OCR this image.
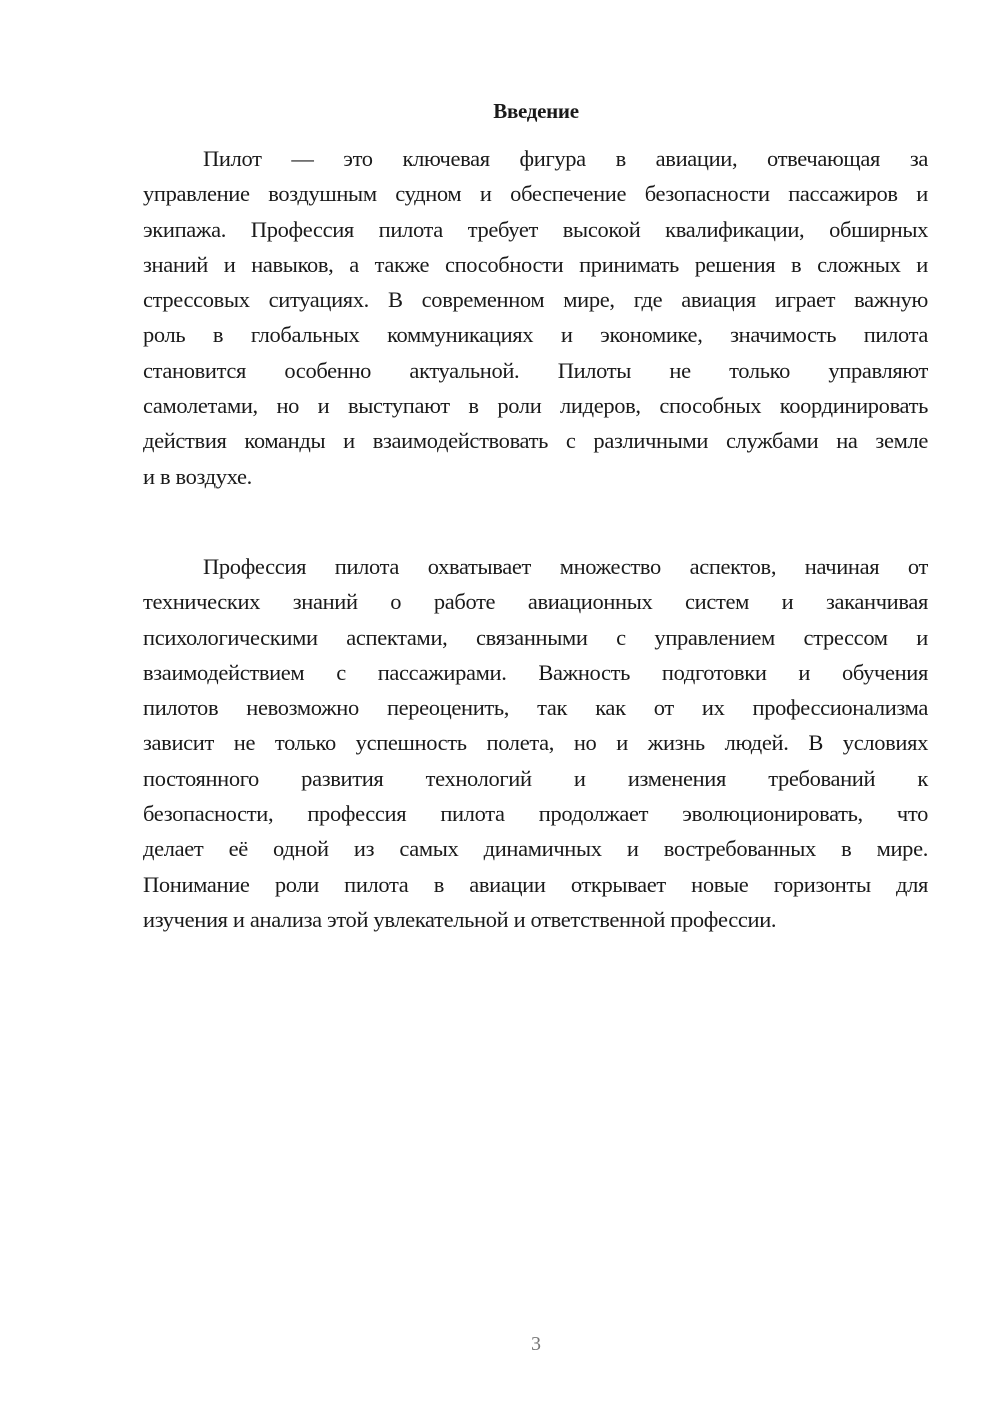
Введение
Пилот — это ключевая фигура в авиации, отвечающая за
управление воздушным судном и обеспечение безопасности пассажиров и
экипажа. Профессия пилота требует высокой квалификации, обширных
знаний и навыков, а также способности принимать решения в сложных и
стрессовых ситуациях. В современном мире, где авиация играет важную
роль в глобальных коммуникациях и экономике, значимость пилота
становится особенно актуальной. Пилоты не только управляют
самолетами, но и выступают в роли лидеров, способных координировать
действия команды и взаимодействовать с различными службами на земле
и в воздухе.
Профессия пилота охватывает множество аспектов, начиная от
технических знаний о работе авиационных систем и заканчивая
психологическими аспектами, связанными с управлением стрессом и
взаимодействием с пассажирами. Важность подготовки и обучения
пилотов невозможно переоценить, так как от их профессионализма
зависит не только успешность полета, но и жизнь людей. В условиях
постоянного развития технологий и изменения требований к
безопасности, профессия пилота продолжает эволюционировать, что
делает её одной из самых динамичных и востребованных в мире.
Понимание роли пилота в авиации открывает новые горизонты для
изучения и анализа этой увлекательной и ответственной профессии.
3
